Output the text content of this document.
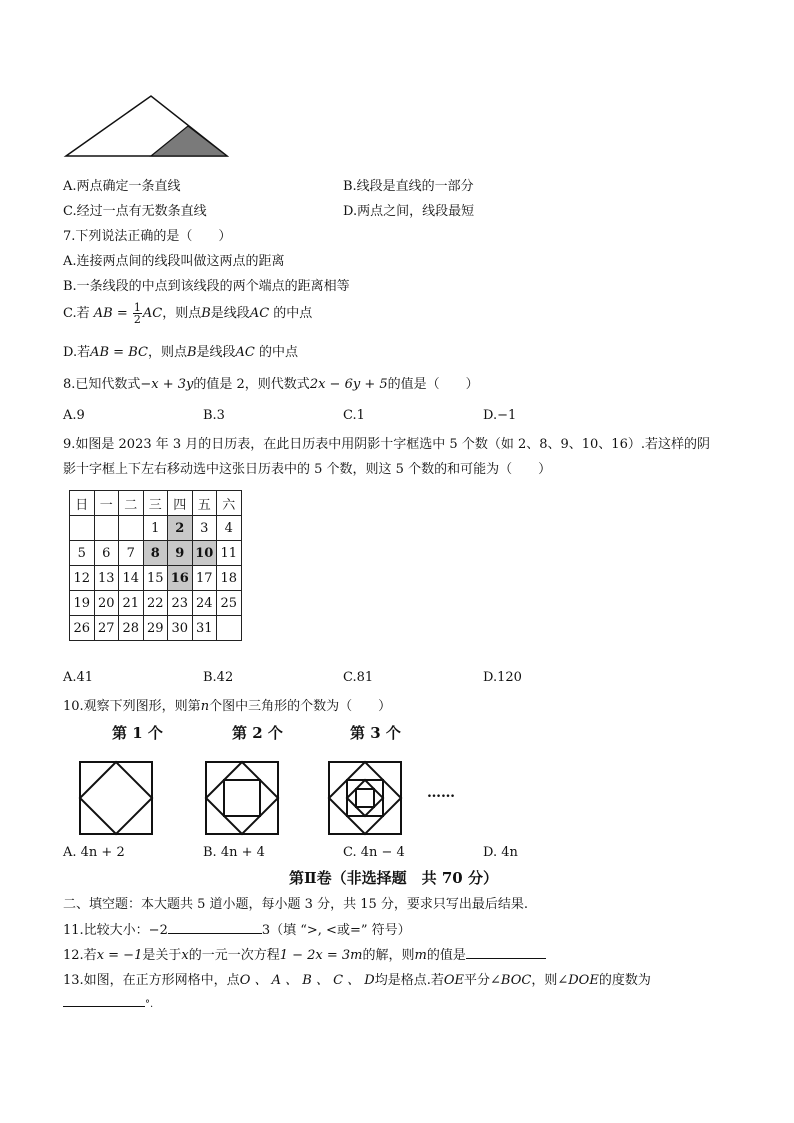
A.两点确定一条直线	B.线段是直线的一部分
C.经过一点有无数条直线	D.两点之间，线段最短
7.下列说法正确的是（　　）
A.连接两点间的线段叫做这两点的距离
B.一条线段的中点到该线段的两个端点的距离相等
C.若 AB = $\frac{1}{2}$ AC，则点B是线段AC 的中点
D.若AB = BC，则点B是线段AC 的中点
8.已知代数式−x + 3y的值是 2，则代数式2x − 6y + 5的值是（　　）
A.9	B.3	C.1	D.−1
9.如图是 2023 年 3 月的日历表，在此日历表中用阴影十字框选中 5 个数（如 2、8、9、10、16）.若这样的阴
影十字框上下左右移动选中这张日历表中的 5 个数，则这 5 个数的和可能为（　　）
日	一	二	三	四	五	六
			1	2	3	4
5	6	7	8	9	10	11
12	13	14	15	16	17	18
19	20	21	22	23	24	25
26	27	28	29	30	31	
A.41	B.42	C.81	D.120
10.观察下列图形，则第n个图中三角形的个数为（　　）
第 1 个	第 2 个	第 3 个
……
A. 4n + 2	B. 4n + 4	C. 4n − 4	D. 4n
第Ⅱ卷（非选择题　共 70 分）
二、填空题：本大题共 5 道小题，每小题 3 分，共 15 分，要求只写出最后结果.
11.比较大小：−2	3（填 “>, <或=” 符号）
12.若x = −1是关于x的一元一次方程1 − 2x = 3m的解，则m的值是
13.如图，在正方形网格中，点O 、 A 、 B 、 C 、 D均是格点.若OE平分∠BOC，则∠DOE的度数为
°.
